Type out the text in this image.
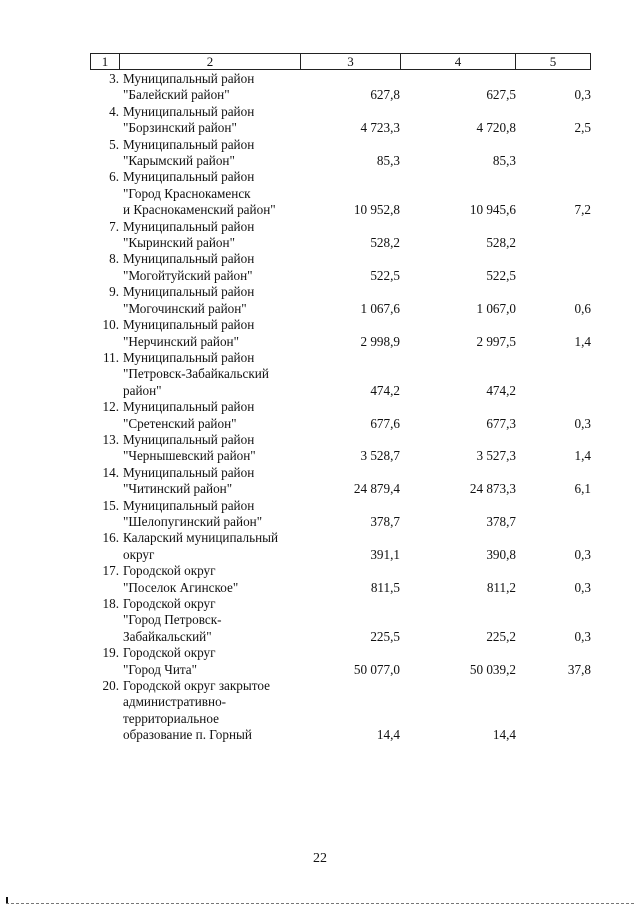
1	2	3	4	5
3. Муниципальный район
"Балейский район"	627,8	627,5	0,3
4. Муниципальный район
"Борзинский район"	4 723,3	4 720,8	2,5
5. Муниципальный район
"Карымский район"	85,3	85,3
6. Муниципальный район
"Город Краснокаменск
и Краснокаменский район"	10 952,8	10 945,6	7,2
7. Муниципальный район
"Кыринский район"	528,2	528,2
8. Муниципальный район
"Могойтуйский район"	522,5	522,5
9. Муниципальный район
"Могочинский район"	1 067,6	1 067,0	0,6
10. Муниципальный район
"Нерчинский район"	2 998,9	2 997,5	1,4
11. Муниципальный район
"Петровск-Забайкальский
район"	474,2	474,2
12. Муниципальный район
"Сретенский район"	677,6	677,3	0,3
13. Муниципальный район
"Чернышевский район"	3 528,7	3 527,3	1,4
14. Муниципальный район
"Читинский район"	24 879,4	24 873,3	6,1
15. Муниципальный район
"Шелопугинский район"	378,7	378,7
16. Каларский муниципальный
округ	391,1	390,8	0,3
17. Городской округ
"Поселок Агинское"	811,5	811,2	0,3
18. Городской округ
"Город Петровск-
Забайкальский"	225,5	225,2	0,3
19. Городской округ
"Город Чита"	50 077,0	50 039,2	37,8
20. Городской округ закрытое
административно-
территориальное
образование п. Горный	14,4	14,4
22
